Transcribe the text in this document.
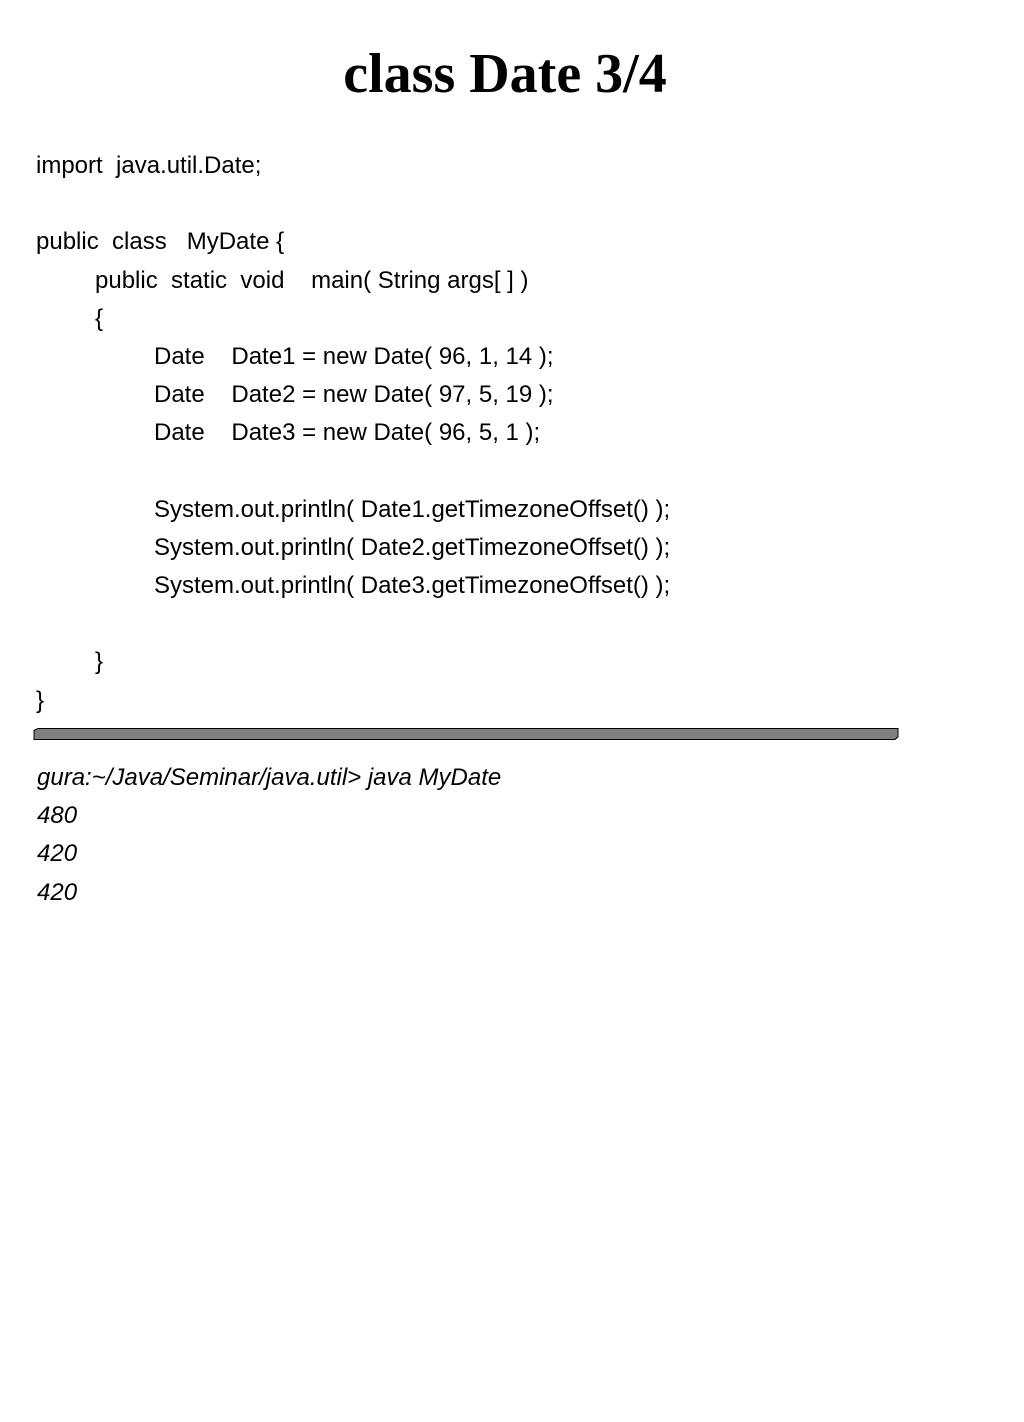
class Date 3/4
import  java.util.Date;
public  class   MyDate {
public  static  void    main( String args[ ] )
{
Date    Date1 = new Date( 96, 1, 14 );
Date    Date2 = new Date( 97, 5, 19 );
Date    Date3 = new Date( 96, 5, 1 );
System.out.println( Date1.getTimezoneOffset() );
System.out.println( Date2.getTimezoneOffset() );
System.out.println( Date3.getTimezoneOffset() );
}
}
gura:~/Java/Seminar/java.util> java MyDate
480
420
420
